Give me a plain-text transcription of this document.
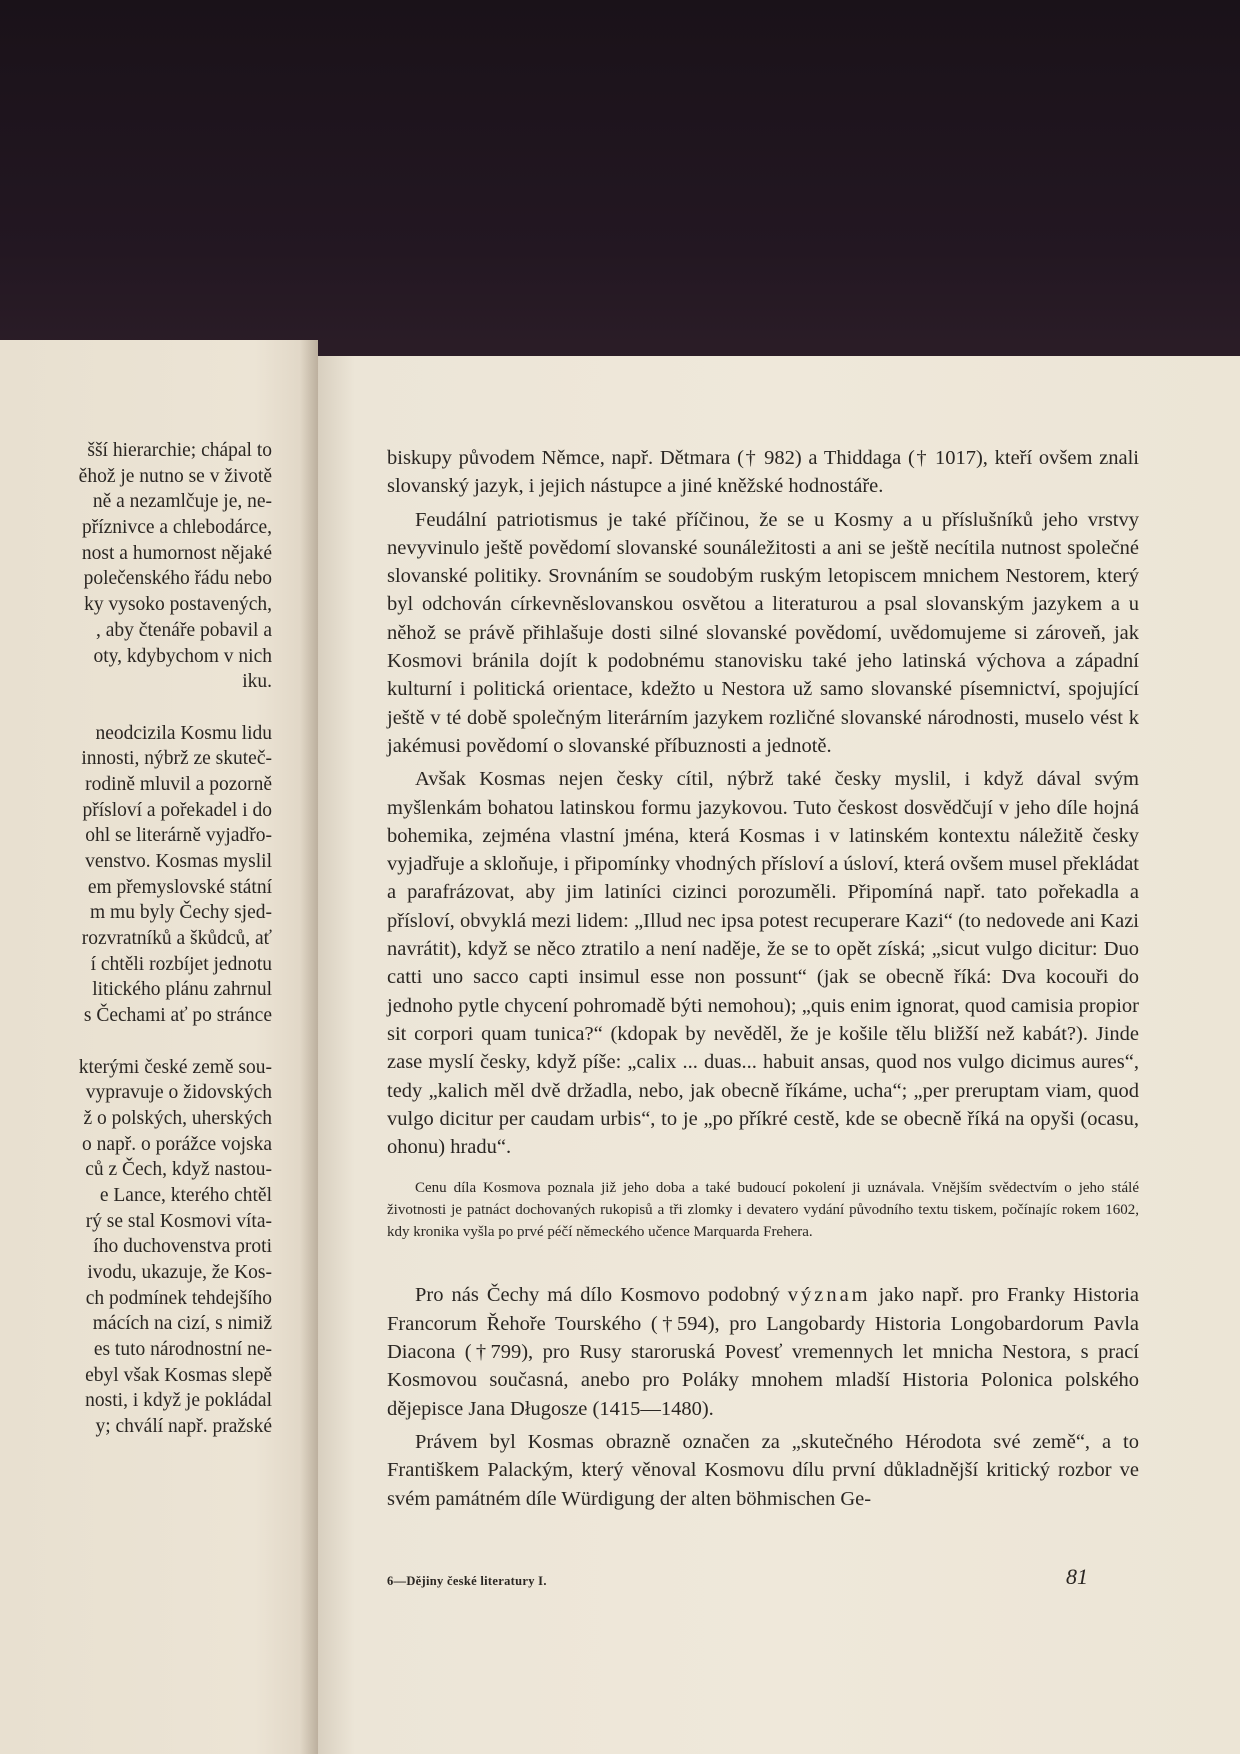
šší hierarchie; chápal to
ěhož je nutno se v životě
ně a nezamlčuje je, ne-
příznivce a chlebodárce,
nost a humornost nějaké
polečenského řádu nebo
ky vysoko postavených,
, aby čtenáře pobavil a
oty, kdybychom v nich
iku.
neodcizila Kosmu lidu
innosti, nýbrž ze skuteč-
rodině mluvil a pozorně
přísloví a pořekadel i do
ohl se literárně vyjadřo-
venstvo. Kosmas myslil
em přemyslovské státní
m mu byly Čechy sjed-
rozvratníků a škůdců, ať
í chtěli rozbíjet jednotu
litického plánu zahrnul
s Čechami ať po stránce
kterými české země sou-
vypravuje o židovských
ž o polských, uherských
o např. o porážce vojska
ců z Čech, když nastou-
e Lance, kterého chtěl
rý se stal Kosmovi víta-
ího duchovenstva proti
ivodu, ukazuje, že Kos-
ch podmínek tehdejšího
mácích na cizí, s nimiž
es tuto národnostní ne-
ebyl však Kosmas slepě
nosti, i když je pokládal
y; chválí např. pražské

biskupy původem Němce, např. Dětmara († 982) a Thiddaga († 1017), kteří ovšem znali slovanský jazyk, i jejich nástupce a jiné kněžské hodnostáře.

Feudální patriotismus je také příčinou, že se u Kosmy a u příslušníků jeho vrstvy nevyvinulo ještě povědomí slovanské sounáležitosti a ani se ještě necítila nutnost společné slovanské politiky. Srovnáním se soudobým ruským letopiscem mnichem Nestorem, který byl odchován církevněslovanskou osvětou a literaturou a psal slovanským jazykem a u něhož se právě přihlašuje dosti silné slovanské povědomí, uvědomujeme si zároveň, jak Kosmovi bránila dojít k podobnému stanovisku také jeho latinská výchova a západní kulturní i politická orientace, kdežto u Nestora už samo slovanské písemnictví, spojující ještě v té době společným literárním jazykem rozličné slovanské národnosti, muselo vést k jakémusi povědomí o slovanské příbuznosti a jednotě.

Avšak Kosmas nejen česky cítil, nýbrž také česky myslil, i když dával svým myšlenkám bohatou latinskou formu jazykovou. Tuto českost dosvědčují v jeho díle hojná bohemika, zejména vlastní jména, která Kosmas i v latinském kontextu náležitě česky vyjadřuje a skloňuje, i připomínky vhodných přísloví a úsloví, která ovšem musel překládat a parafrázovat, aby jim latiníci cizinci porozuměli. Připomíná např. tato pořekadla a přísloví, obvyklá mezi lidem: „Illud nec ipsa potest recuperare Kazi“ (to nedovede ani Kazi navrátit), když se něco ztratilo a není naděje, že se to opět získá; „sicut vulgo dicitur: Duo catti uno sacco capti insimul esse non possunt“ (jak se obecně říká: Dva kocouři do jednoho pytle chycení pohromadě býti nemohou); „quis enim ignorat, quod camisia propior sit corpori quam tunica?“ (kdopak by nevěděl, že je košile tělu bližší než kabát?). Jinde zase myslí česky, když píše: „calix ... duas... habuit ansas, quod nos vulgo dicimus aures“, tedy „kalich měl dvě držadla, nebo, jak obecně říkáme, ucha“; „per preruptam viam, quod vulgo dicitur per caudam urbis“, to je „po příkré cestě, kde se obecně říká na opyši (ocasu, ohonu) hradu“.

Cenu díla Kosmova poznala již jeho doba a také budoucí pokolení ji uznávala. Vnějším svědectvím o jeho stálé životnosti je patnáct dochovaných rukopisů a tři zlomky i devatero vydání původního textu tiskem, počínajíc rokem 1602, kdy kronika vyšla po prvé péčí německého učence Marquarda Frehera.

Pro nás Čechy má dílo Kosmovo podobný význam jako např. pro Franky Historia Francorum Řehoře Tourského (†594), pro Langobardy Historia Longobardorum Pavla Diacona (†799), pro Rusy staroruská Povesť vremennych let mnicha Nestora, s prací Kosmovou současná, anebo pro Poláky mnohem mladší Historia Polonica polského dějepisce Jana Długosze (1415—1480).

Právem byl Kosmas obrazně označen za „skutečného Hérodota své země“, a to Františkem Palackým, který věnoval Kosmovu dílu první důkladnější kritický rozbor ve svém památném díle Würdigung der alten böhmischen Ge-

6—Dějiny české literatury I.	81
